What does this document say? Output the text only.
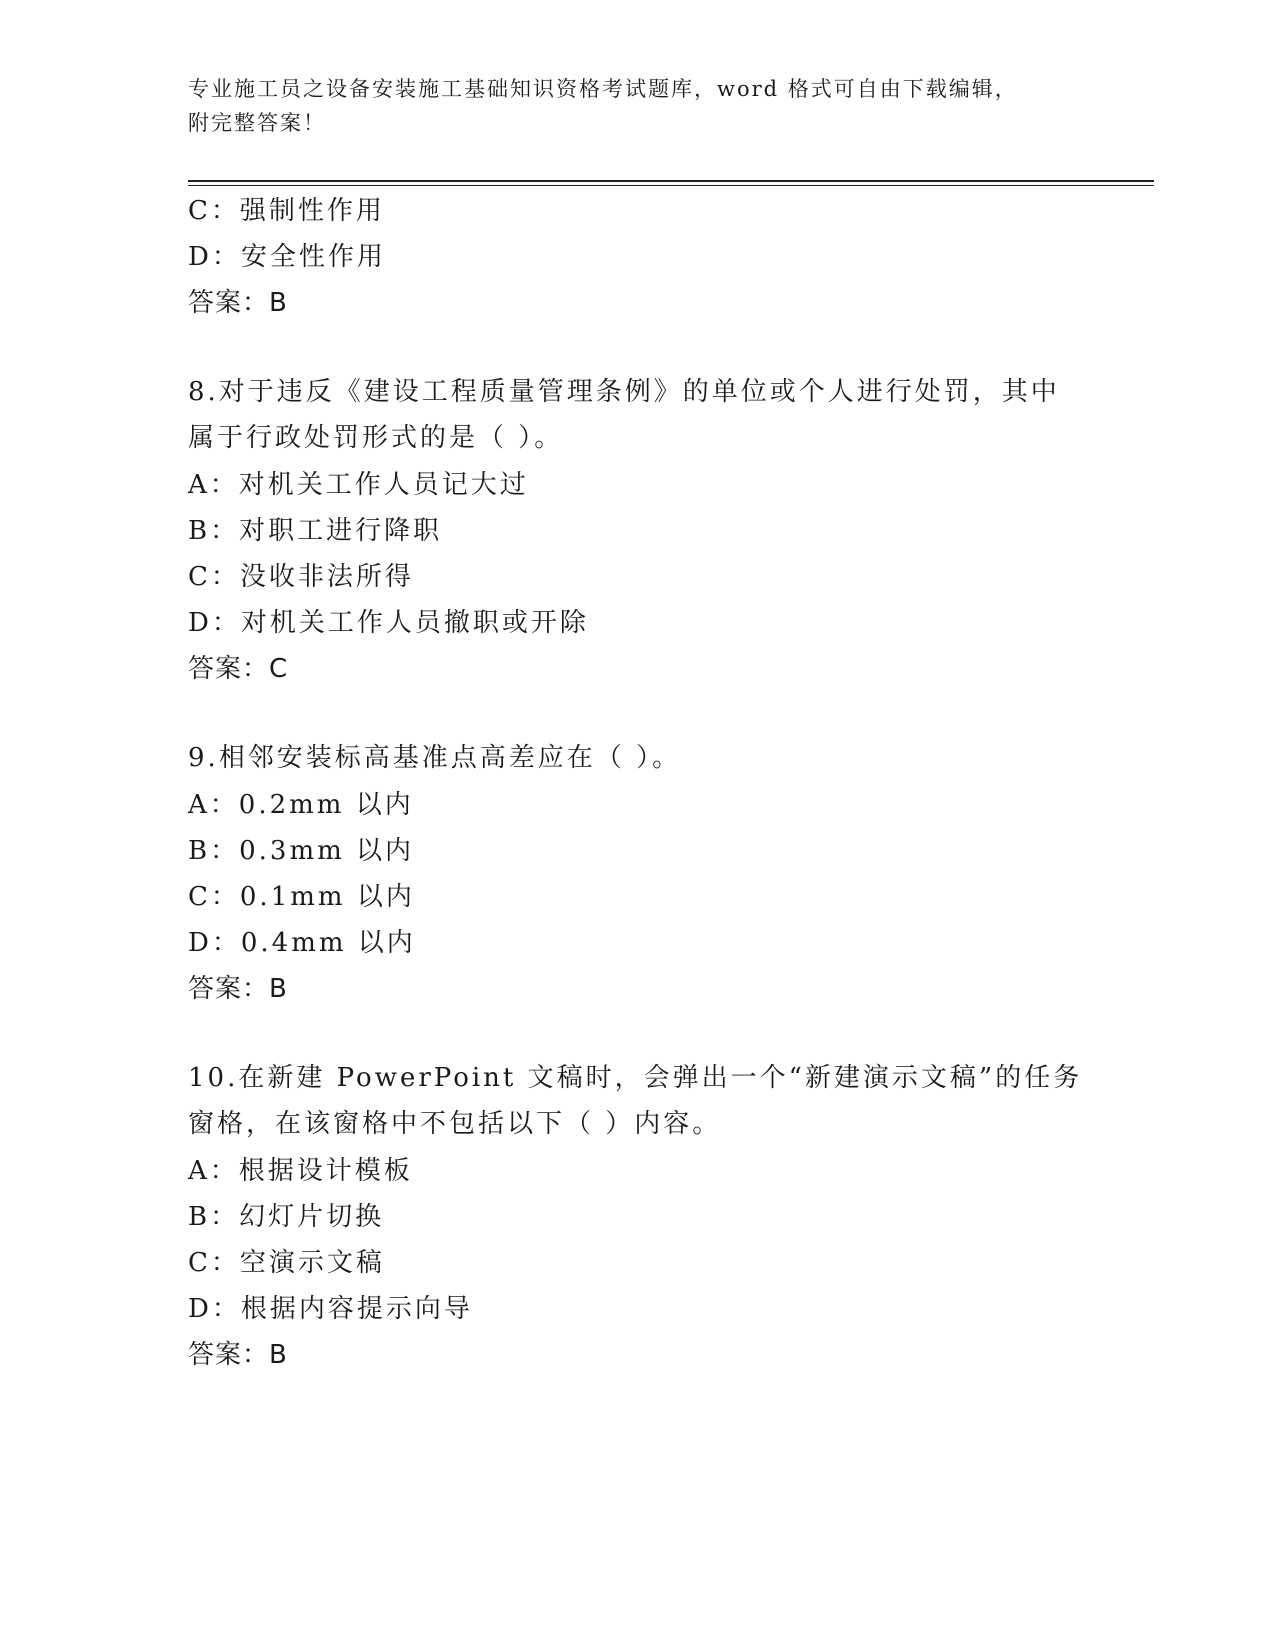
专业施工员之设备安装施工基础知识资格考试题库，word 格式可自由下载编辑，
附完整答案！
C：强制性作用
D：安全性作用
答案：B
8.对于违反《建设工程质量管理条例》的单位或个人进行处罚，其中
属于行政处罚形式的是（ ）。
A：对机关工作人员记大过
B：对职工进行降职
C：没收非法所得
D：对机关工作人员撤职或开除
答案：C
9.相邻安装标高基准点高差应在（ ）。
A：0.2mm 以内
B：0.3mm 以内
C：0.1mm 以内
D：0.4mm 以内
答案：B
10.在新建 PowerPoint 文稿时，会弹出一个“新建演示文稿”的任务
窗格，在该窗格中不包括以下（ ）内容。
A：根据设计模板
B：幻灯片切换
C：空演示文稿
D：根据内容提示向导
答案：B
